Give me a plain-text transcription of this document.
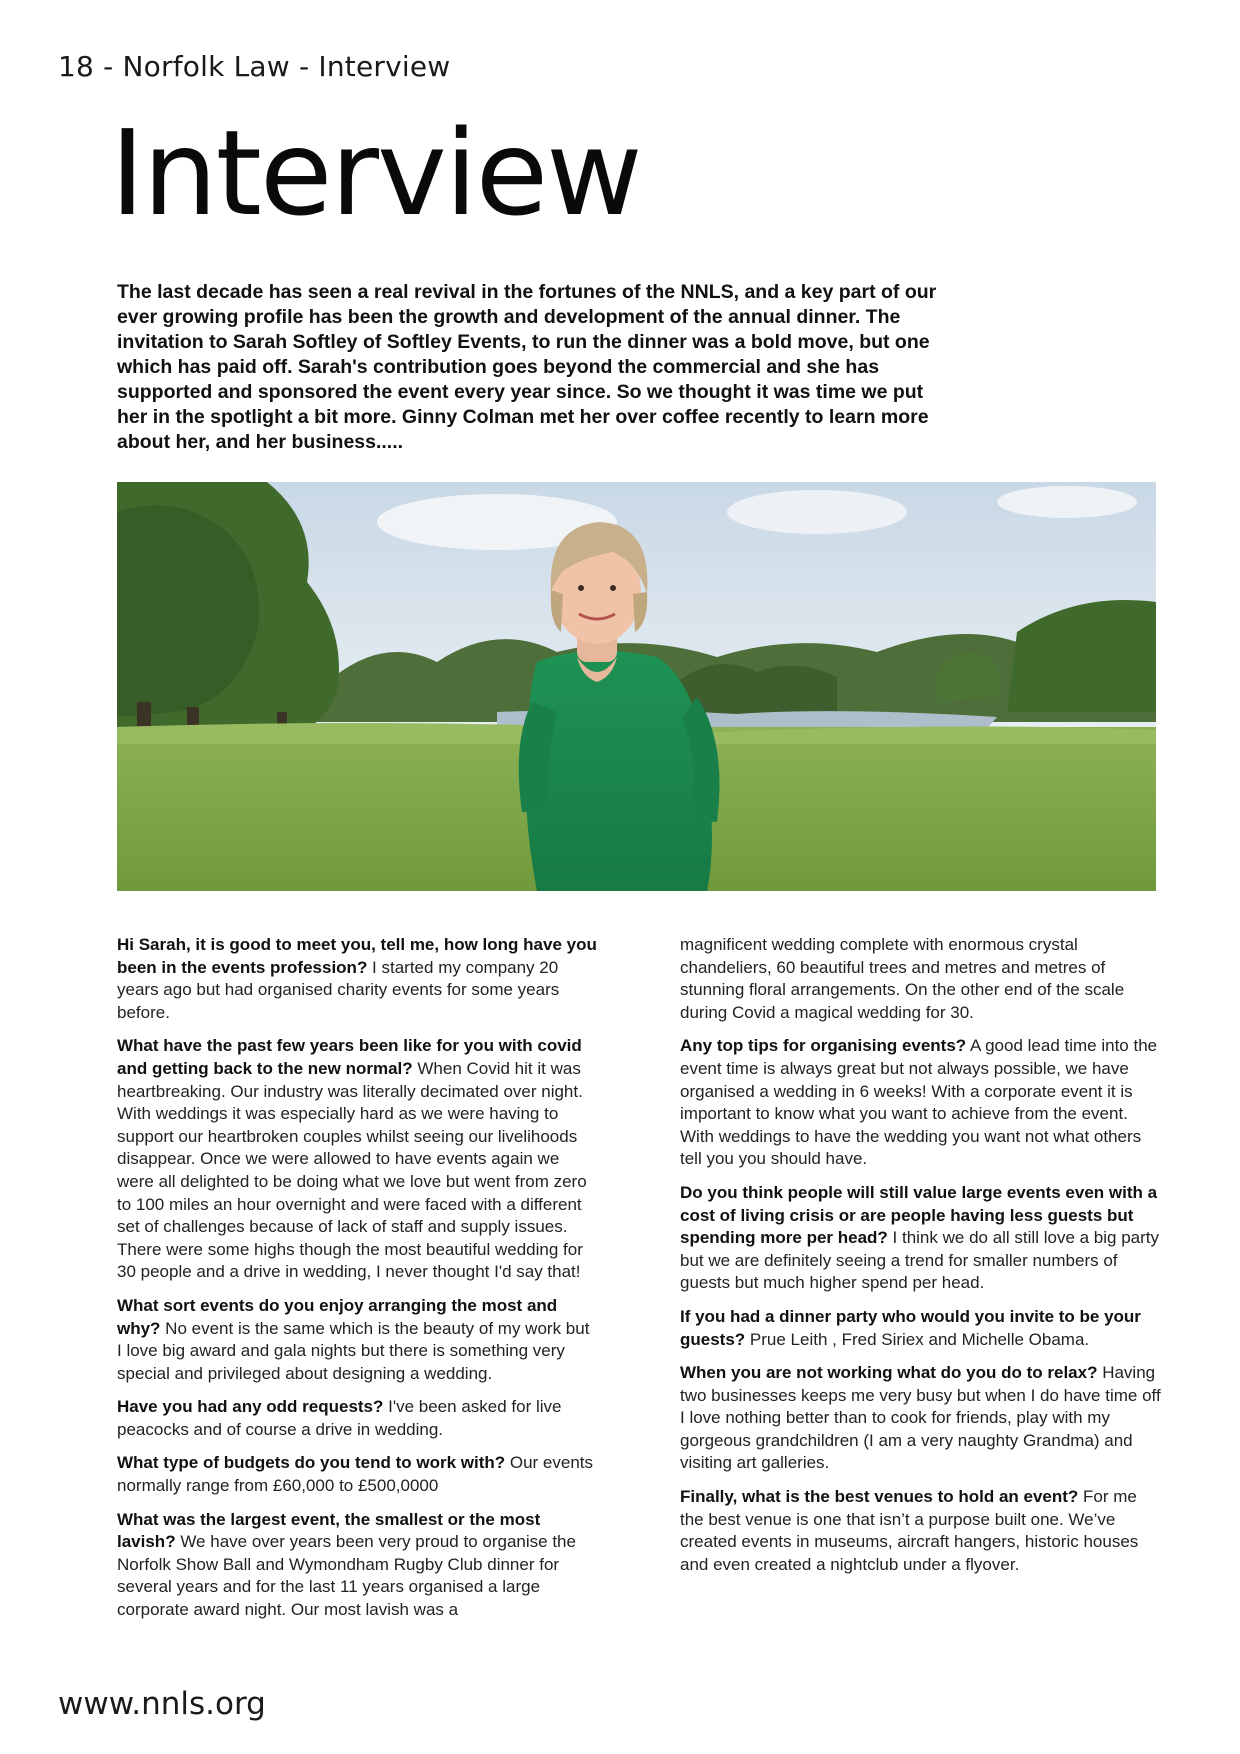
18 - Norfolk Law - Interview
Interview

The last decade has seen a real revival in the fortunes of the NNLS, and a key part of our ever growing profile has been the growth and development of the annual dinner. The invitation to Sarah Softley of Softley Events, to run the dinner was a bold move, but one which has paid off. Sarah's contribution goes beyond the commercial and she has supported and sponsored the event every year since. So we thought it was time we put her in the spotlight a bit more. Ginny Colman met her over coffee recently to learn more about her, and her business.....

Hi Sarah, it is good to meet you, tell me, how long have you been in the events profession? I started my company 20 years ago but had organised charity events for some years before.

What have the past few years been like for you with covid and getting back to the new normal? When Covid hit it was heartbreaking. Our industry was literally decimated over night. With weddings it was especially hard as we were having to support our heartbroken couples whilst seeing our livelihoods disappear. Once we were allowed to have events again we were all delighted to be doing what we love but went from zero to 100 miles an hour overnight and were faced with a different set of challenges because of lack of staff and supply issues. There were some highs though the most beautiful wedding for 30 people and a drive in wedding, I never thought I'd say that!

What sort events do you enjoy arranging the most and why? No event is the same which is the beauty of my work but I love big award and gala nights but there is something very special and privileged about designing a wedding.

Have you had any odd requests? I've been asked for live peacocks and of course a drive in wedding.

What type of budgets do you tend to work with? Our events normally range from £60,000 to £500,0000

What was the largest event, the smallest or the most lavish? We have over years been very proud to organise the Norfolk Show Ball and Wymondham Rugby Club dinner for several years and for the last 11 years organised a large corporate award night. Our most lavish was a

magnificent wedding complete with enormous crystal chandeliers, 60 beautiful trees and metres and metres of stunning floral arrangements. On the other end of the scale during Covid a magical wedding for 30.

Any top tips for organising events? A good lead time into the event time is always great but not always possible, we have organised a wedding in 6 weeks! With a corporate event it is important to know what you want to achieve from the event. With weddings to have the wedding you want not what others tell you you should have.

Do you think people will still value large events even with a cost of living crisis or are people having less guests but spending more per head? I think we do all still love a big party but we are definitely seeing a trend for smaller numbers of guests but much higher spend per head.

If you had a dinner party who would you invite to be your guests? Prue Leith , Fred Siriex and Michelle Obama.

When you are not working what do you do to relax? Having two businesses keeps me very busy but when I do have time off I love nothing better than to cook for friends, play with my gorgeous grandchildren (I am a very naughty Grandma) and visiting art galleries.

Finally, what is the best venues to hold an event? For me the best venue is one that isn’t a purpose built one. We’ve created events in museums, aircraft hangers, historic houses and even created a nightclub under a flyover.

www.nnls.org
